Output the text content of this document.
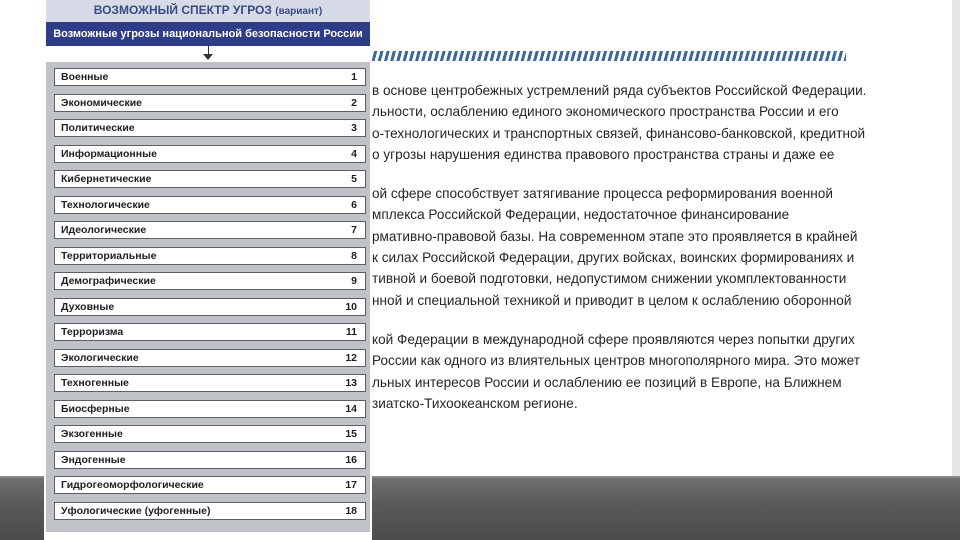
в основе центробежных устремлений ряда субъектов Российской Федерации.
льности, ослаблению единого экономического пространства России и его
о-технологических и транспортных связей, финансово-банковской, кредитной
о угрозы нарушения единства правового пространства страны и даже ее

ой сфере способствует затягивание процесса реформирования военной
мплекса Российской Федерации, недостаточное финансирование
рмативно-правовой базы. На современном этапе это проявляется в крайней
к силах Российской Федерации, других войсках, воинских формированиях и
тивной и боевой подготовки, недопустимом снижении укомплектованности
нной и специальной техникой и приводит в целом к ослаблению оборонной

кой Федерации в международной сфере проявляются через попытки других
России как одного из влиятельных центров многополярного мира. Это может
льных интересов России и ослаблению ее позиций в Европе, на Ближнем
зиатско-Тихоокеанском регионе.

ВОЗМОЖНЫЙ СПЕКТР УГРОЗ (вариант)
Возможные угрозы национальной безопасности России
Военные	1
Экономические	2
Политические	3
Информационные	4
Кибернетические	5
Технологические	6
Идеологические	7
Территориальные	8
Демографические	9
Духовные	10
Терроризма	11
Экологические	12
Техногенные	13
Биосферные	14
Экзогенные	15
Эндогенные	16
Гидрогеоморфологические	17
Уфологические (уфогенные)	18
